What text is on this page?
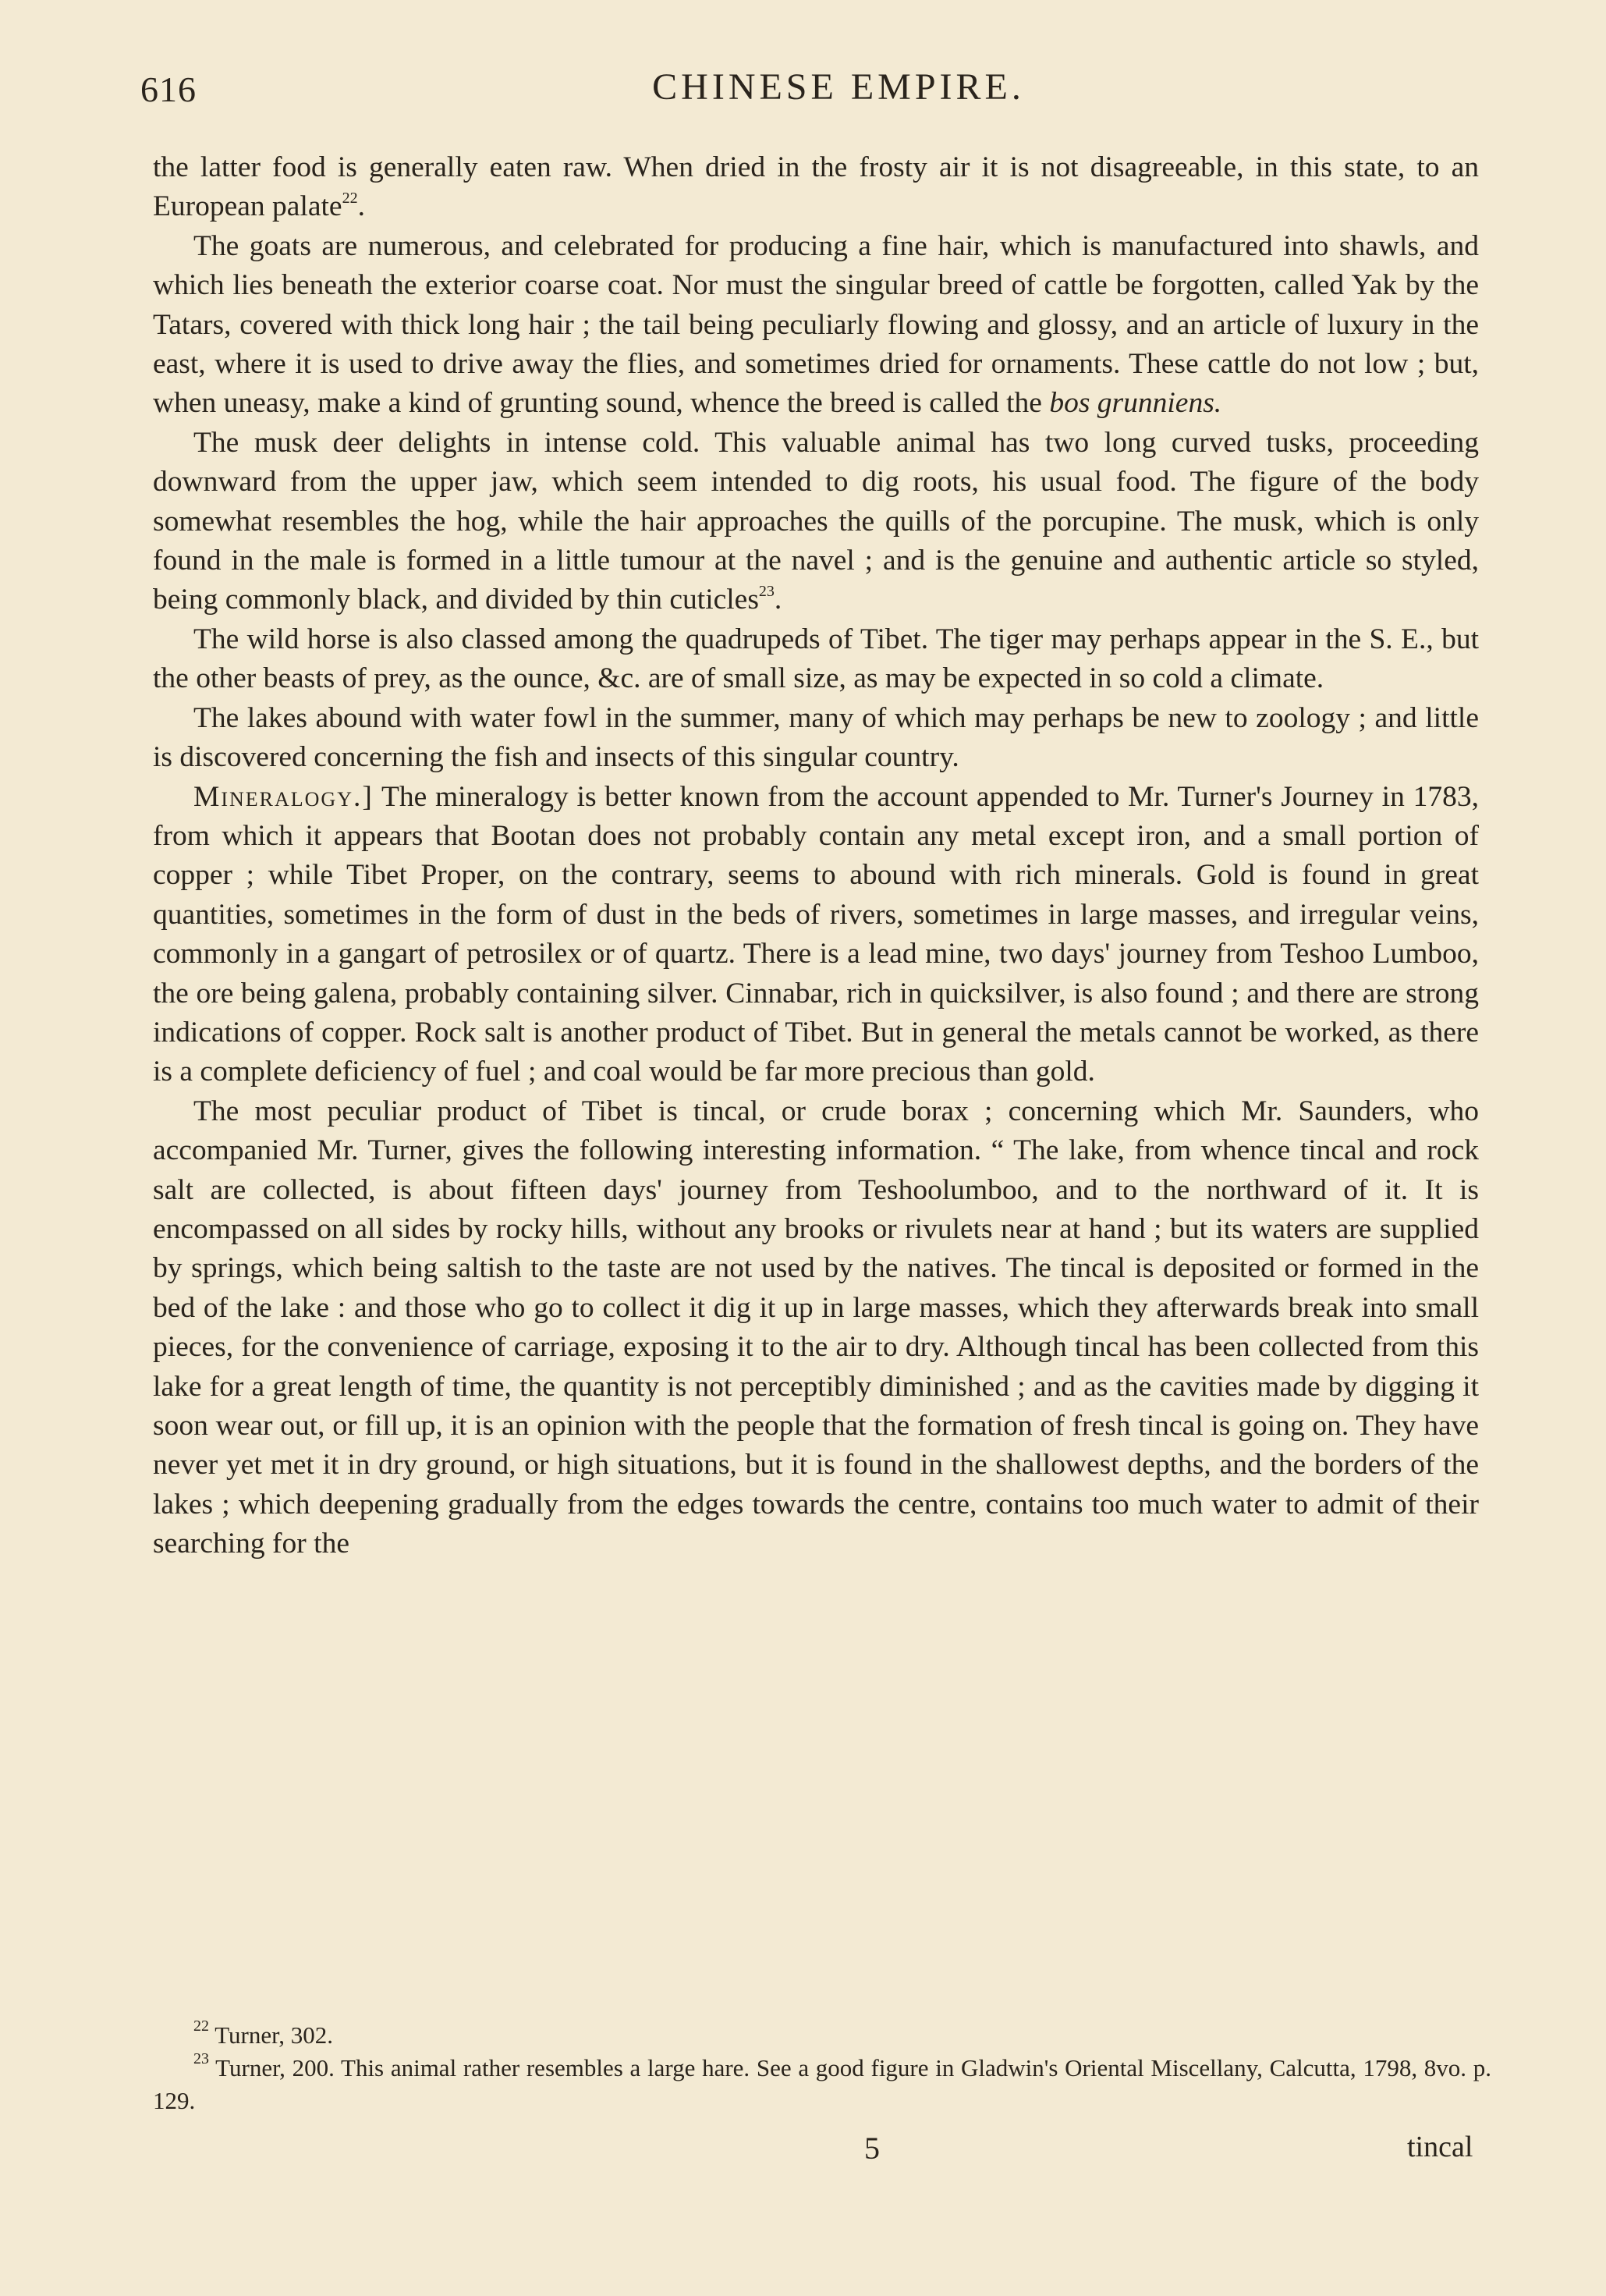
616	CHINESE EMPIRE.

the latter food is generally eaten raw. When dried in the frosty air it is not disagreeable, in this state, to an European palate$^{22}$.

The goats are numerous, and celebrated for producing a fine hair, which is manufactured into shawls, and which lies beneath the exterior coarse coat. Nor must the singular breed of cattle be forgotten, called Yak by the Tatars, covered with thick long hair ; the tail being peculiarly flowing and glossy, and an article of luxury in the east, where it is used to drive away the flies, and sometimes dried for ornaments. These cattle do not low ; but, when uneasy, make a kind of grunting sound, whence the breed is called the bos grunniens.

The musk deer delights in intense cold. This valuable animal has two long curved tusks, proceeding downward from the upper jaw, which seem intended to dig roots, his usual food. The figure of the body somewhat resembles the hog, while the hair approaches the quills of the porcupine. The musk, which is only found in the male is formed in a little tumour at the navel ; and is the genuine and authentic article so styled, being commonly black, and divided by thin cuticles$^{23}$.

The wild horse is also classed among the quadrupeds of Tibet. The tiger may perhaps appear in the S. E., but the other beasts of prey, as the ounce, &c. are of small size, as may be expected in so cold a climate.

The lakes abound with water fowl in the summer, many of which may perhaps be new to zoology ; and little is discovered concerning the fish and insects of this singular country.

Mineralogy.] The mineralogy is better known from the account appended to Mr. Turner's Journey in 1783, from which it appears that Bootan does not probably contain any metal except iron, and a small portion of copper ; while Tibet Proper, on the contrary, seems to abound with rich minerals. Gold is found in great quantities, sometimes in the form of dust in the beds of rivers, sometimes in large masses, and irregular veins, commonly in a gangart of petrosilex or of quartz. There is a lead mine, two days' journey from Teshoo Lumboo, the ore being galena, probably containing silver. Cinnabar, rich in quicksilver, is also found ; and there are strong indications of copper. Rock salt is another product of Tibet. But in general the metals cannot be worked, as there is a complete deficiency of fuel ; and coal would be far more precious than gold.

The most peculiar product of Tibet is tincal, or crude borax ; concerning which Mr. Saunders, who accompanied Mr. Turner, gives the following interesting information. “ The lake, from whence tincal and rock salt are collected, is about fifteen days' journey from Teshoolumboo, and to the northward of it. It is encompassed on all sides by rocky hills, without any brooks or rivulets near at hand ; but its waters are supplied by springs, which being saltish to the taste are not used by the natives. The tincal is deposited or formed in the bed of the lake : and those who go to collect it dig it up in large masses, which they afterwards break into small pieces, for the convenience of carriage, exposing it to the air to dry. Although tincal has been collected from this lake for a great length of time, the quantity is not perceptibly diminished ; and as the cavities made by digging it soon wear out, or fill up, it is an opinion with the people that the formation of fresh tincal is going on. They have never yet met it in dry ground, or high situations, but it is found in the shallowest depths, and the borders of the lakes ; which deepening gradually from the edges towards the centre, contains too much water to admit of their searching for the

$^{22}$ Turner, 302.

$^{23}$ Turner, 200. This animal rather resembles a large hare. See a good figure in Gladwin's Oriental Miscellany, Calcutta, 1798, 8vo. p. 129.

5	tincal
